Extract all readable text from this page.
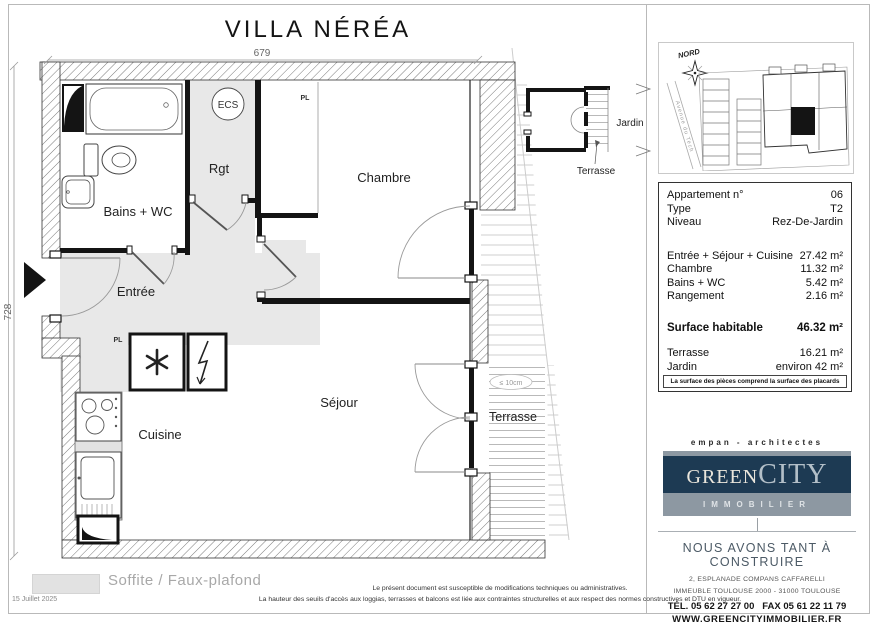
VILLA NÉRÉA
≤ 10cm
ECS
Jardin
Terrasse
679
728
Bains + WC
Rgt
Chambre
Entrée
Séjour
Cuisine
Terrasse
PL
PL
NORD
Avenue du Tech
Appartement n°	06
Type	T2
Niveau	Rez-De-Jardin
Entrée + Séjour + Cuisine 27.42 m²
Chambre	11.32 m²
Bains + WC	5.42 m²
Rangement	2.16 m²
Surface habitable	46.32 m²
Terrasse	16.21 m²
Jardin	environ 42 m²
La surface des pièces comprend la surface des placards
empan - architectes
GREEN CITY
IMMOBILIER
NOUS AVONS TANT À CONSTRUIRE
2, ESPLANADE COMPANS CAFFARELLI
IMMEUBLE TOULOUSE 2000 - 31000 TOULOUSE
TÉL. 05 62 27 27 00   FAX 05 61 22 11 79
WWW.GREENCITYIMMOBILIER.FR
Soffite / Faux-plafond
15 Juillet 2025
Le présent document est susceptible de modifications techniques ou administratives.
La hauteur des seuils d'accès aux loggias, terrasses et balcons est liée aux contraintes structurelles et aux respect des normes constructives et DTU en vigueur.
